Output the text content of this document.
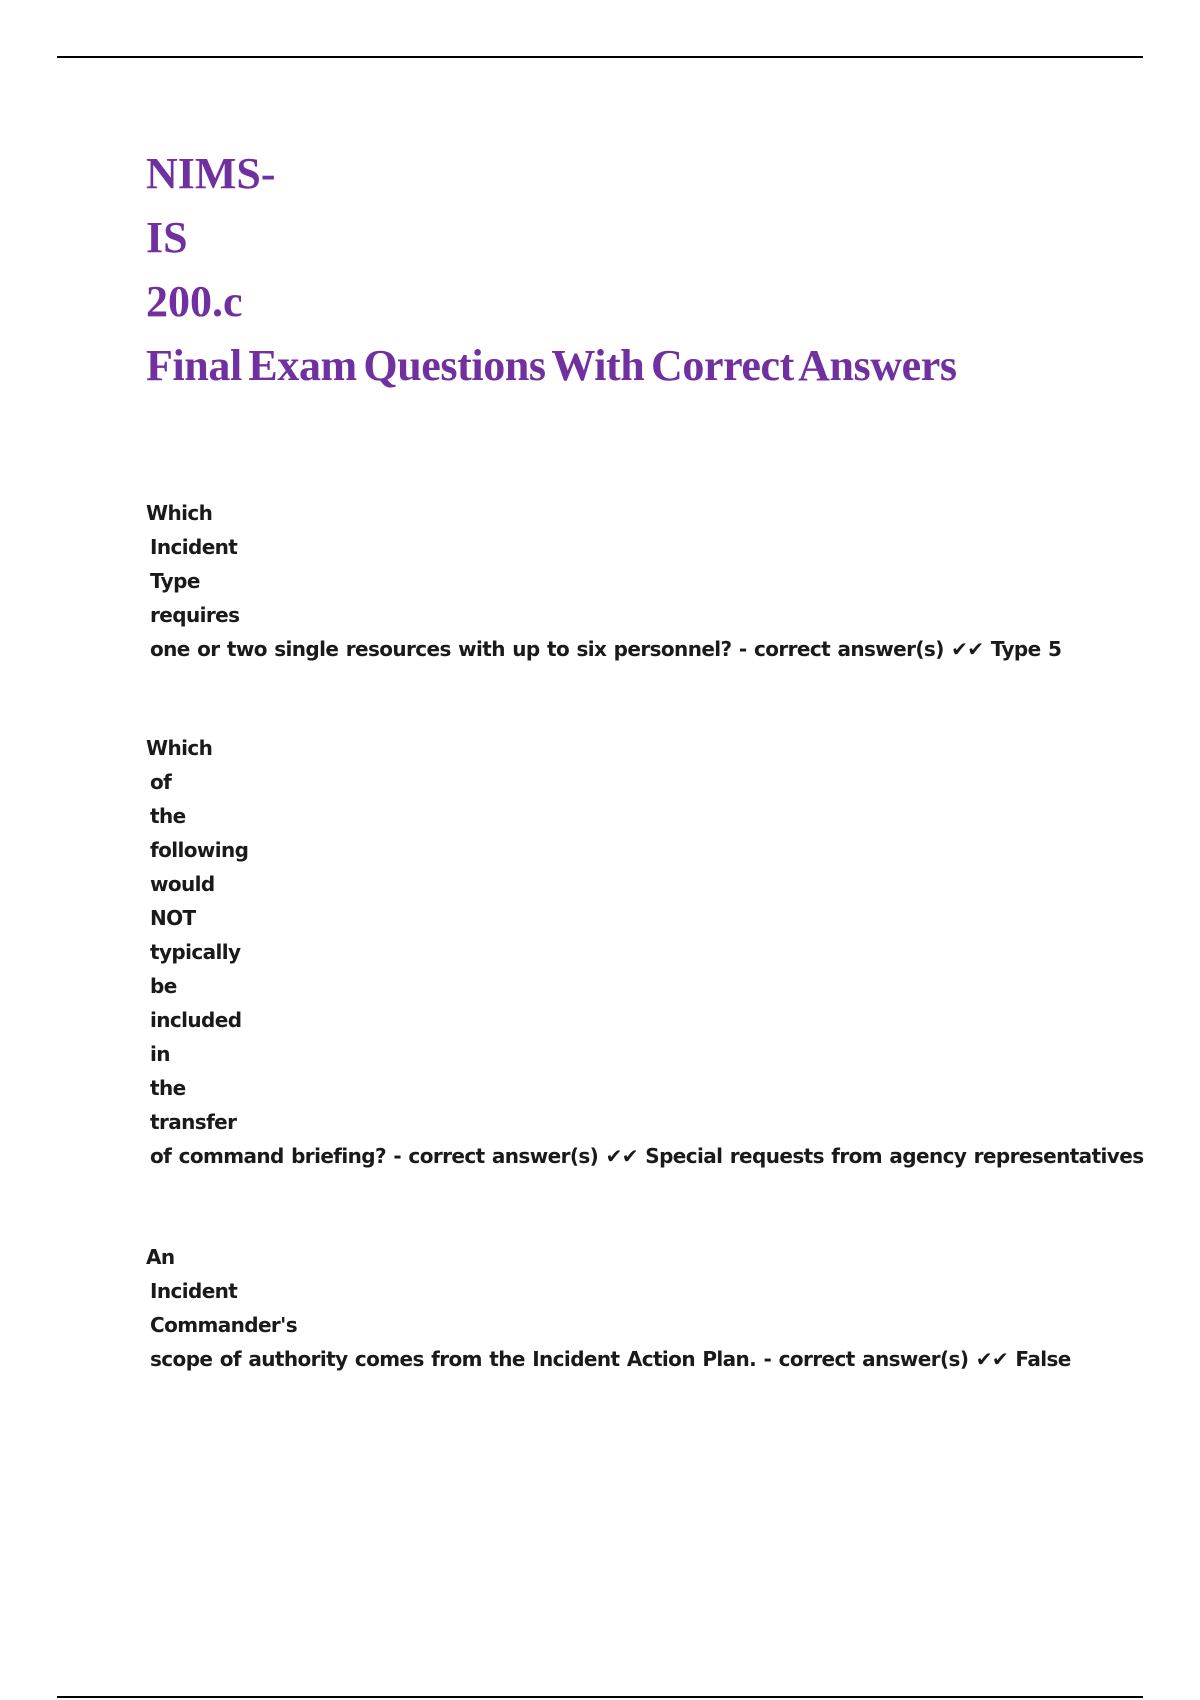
NIMS-
IS
200.c
Final Exam Questions With Correct Answers
Which
Incident
Type
requires
one or two single resources with up to six personnel? - correct answer(s) ✔✔ Type 5
Which
of
the
following
would
NOT
typically
be
included
in
the
transfer
of command briefing? - correct answer(s) ✔✔ Special requests from agency representatives
An
Incident
Commander's
scope of authority comes from the Incident Action Plan. - correct answer(s) ✔✔ False
